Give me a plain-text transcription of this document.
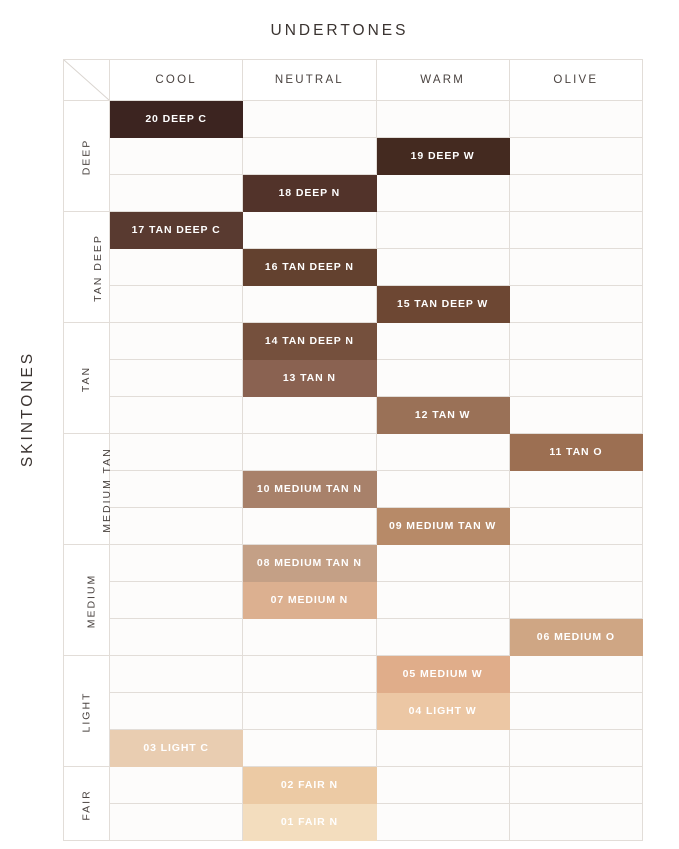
UNDERTONES
SKINTONES
	COOL	NEUTRAL	WARM	OLIVE
DEEP	20 DEEP C			
			19 DEEP W	
		18 DEEP N		
TAN DEEP	17 TAN DEEP C			
		16 TAN DEEP N		
			15 TAN DEEP W	
TAN		14 TAN DEEP N		
		13 TAN N		
			12 TAN W	
MEDIUM TAN				11 TAN O
		10 MEDIUM TAN N		
			09 MEDIUM TAN W	
MEDIUM		08 MEDIUM TAN N		
		07 MEDIUM N		
				06 MEDIUM O
LIGHT			05 MEDIUM W	
			04 LIGHT W	
	03 LIGHT C			
FAIR		02 FAIR N		
		01 FAIR N		
